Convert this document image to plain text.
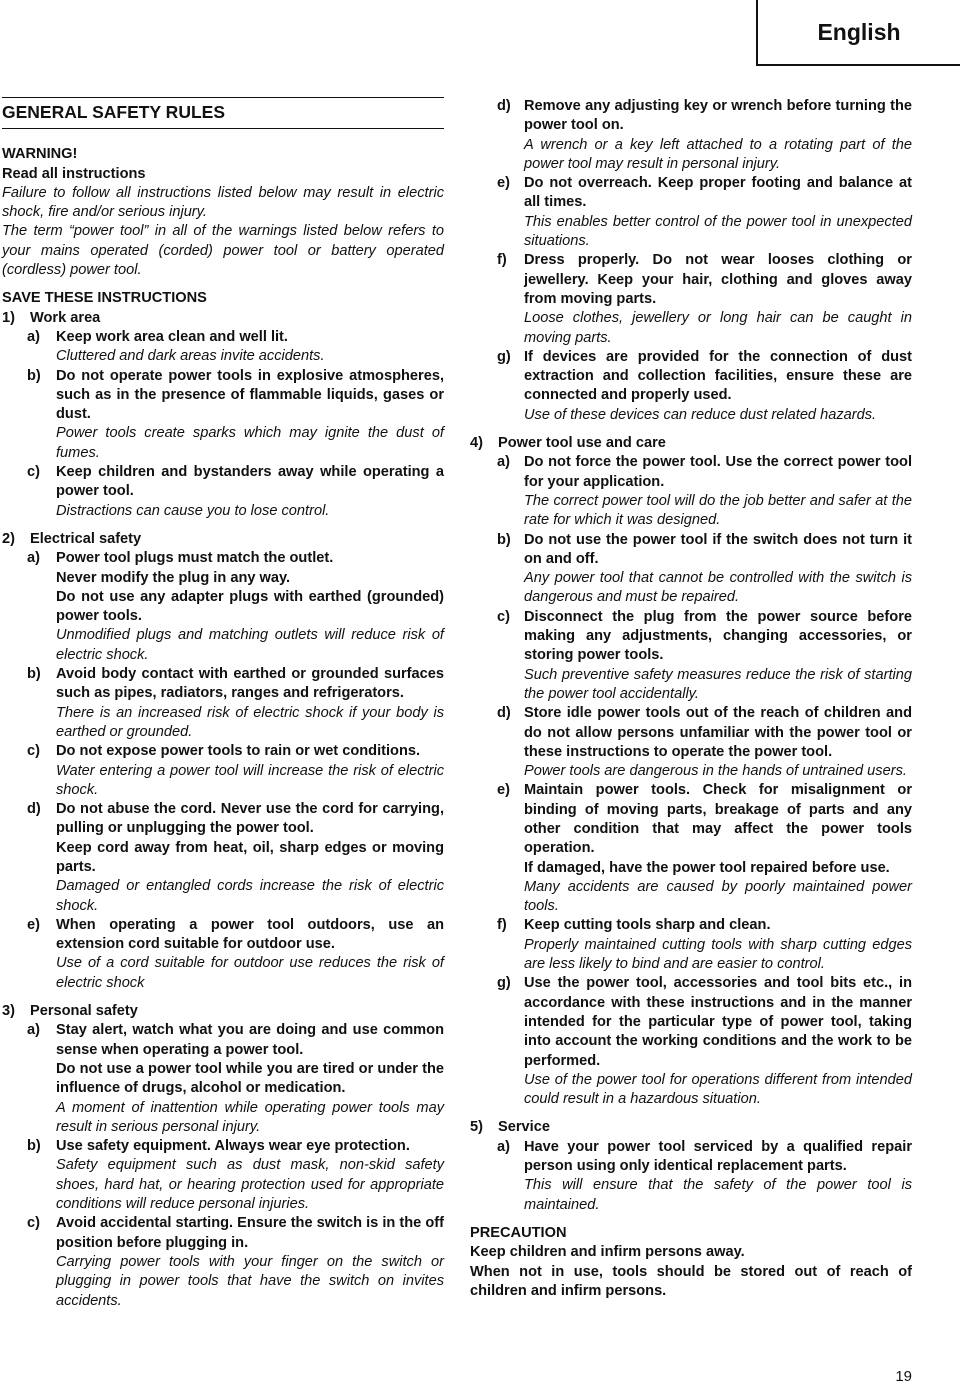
English
GENERAL SAFETY RULES
WARNING!
Read all instructions
Failure to follow all instructions listed below may result in electric shock, fire and/or serious injury.
The term “power tool” in all of the warnings listed below refers to your mains operated (corded) power tool or battery operated (cordless) power tool.
SAVE THESE INSTRUCTIONS
1)	Work area
a)	Keep work area clean and well lit.

Cluttered and dark areas invite accidents.

b)	Do not operate power tools in explosive atmospheres, such as in the presence of flammable liquids, gases or dust.

Power tools create sparks which may ignite the dust of fumes.

c)	Keep children and bystanders away while operating a power tool.

Distractions can cause you to lose control.

2)	Electrical safety
a)	Power tool plugs must match the outlet.

Never modify the plug in any way.

Do not use any adapter plugs with earthed (grounded) power tools.

Unmodified plugs and matching outlets will reduce risk of electric shock.

b)	Avoid body contact with earthed or grounded surfaces such as pipes, radiators, ranges and refrigerators.

There is an increased risk of electric shock if your body is earthed or grounded.

c)	Do not expose power tools to rain or wet conditions.

Water entering a power tool will increase the risk of electric shock.

d)	Do not abuse the cord. Never use the cord for carrying, pulling or unplugging the power tool.

Keep cord away from heat, oil, sharp edges or moving parts.

Damaged or entangled cords increase the risk of electric shock.

e)	When operating a power tool outdoors, use an extension cord suitable for outdoor use.

Use of a cord suitable for outdoor use reduces the risk of electric shock

3)	Personal safety
a)	Stay alert, watch what you are doing and use common sense when operating a power tool.

Do not use a power tool while you are tired or under the influence of drugs, alcohol or medication.

A moment of inattention while operating power tools may result in serious personal injury.

b)	Use safety equipment. Always wear eye protection.

Safety equipment such as dust mask, non-skid safety shoes, hard hat, or hearing protection used for appropriate conditions will reduce personal injuries.

c)	Avoid accidental starting. Ensure the switch is in the off position before plugging in.

Carrying power tools with your finger on the switch or plugging in power tools that have the switch on invites accidents.

d) Remove any adjusting key or wrench before turning the power tool on.

A wrench or a key left attached to a rotating part of the power tool may result in personal injury.

e) Do not overreach. Keep proper footing and balance at all times.

This enables better control of the power tool in unexpected situations.

f)	Dress properly. Do not wear looses clothing or jewellery. Keep your hair, clothing and gloves away from moving parts.

Loose clothes, jewellery or long hair can be caught in moving parts.

g) If devices are provided for the connection of dust extraction and collection facilities, ensure these are connected and properly used.

Use of these devices can reduce dust related hazards.

4)	Power tool use and care
a) Do not force the power tool. Use the correct power tool for your application.

The correct power tool will do the job better and safer at the rate for which it was designed.

b) Do not use the power tool if the switch does not turn it on and off.

Any power tool that cannot be controlled with the switch is dangerous and must be repaired.

c) Disconnect the plug from the power source before making any adjustments, changing accessories, or storing power tools.

Such preventive safety measures reduce the risk of starting the power tool accidentally.

d) Store idle power tools out of the reach of children and do not allow persons unfamiliar with the power tool or these instructions to operate the power tool.

Power tools are dangerous in the hands of untrained users.

e) Maintain power tools. Check for misalignment or binding of moving parts, breakage of parts and any other condition that may affect the power tools operation.

If damaged, have the power tool repaired before use.

Many accidents are caused by poorly maintained power tools.

f)	Keep cutting tools sharp and clean.

Properly maintained cutting tools with sharp cutting edges are less likely to bind and are easier to control.

g) Use the power tool, accessories and tool bits etc., in accordance with these instructions and in the manner intended for the particular type of power tool, taking into account the working conditions and the work to be performed.

Use of the power tool for operations different from intended could result in a hazardous situation.

5)	Service
a) Have your power tool serviced by a qualified repair person using only identical replacement parts.

This will ensure that the safety of the power tool is maintained.

PRECAUTION
Keep children and infirm persons away.
When not in use, tools should be stored out of reach of children and infirm persons.
19
